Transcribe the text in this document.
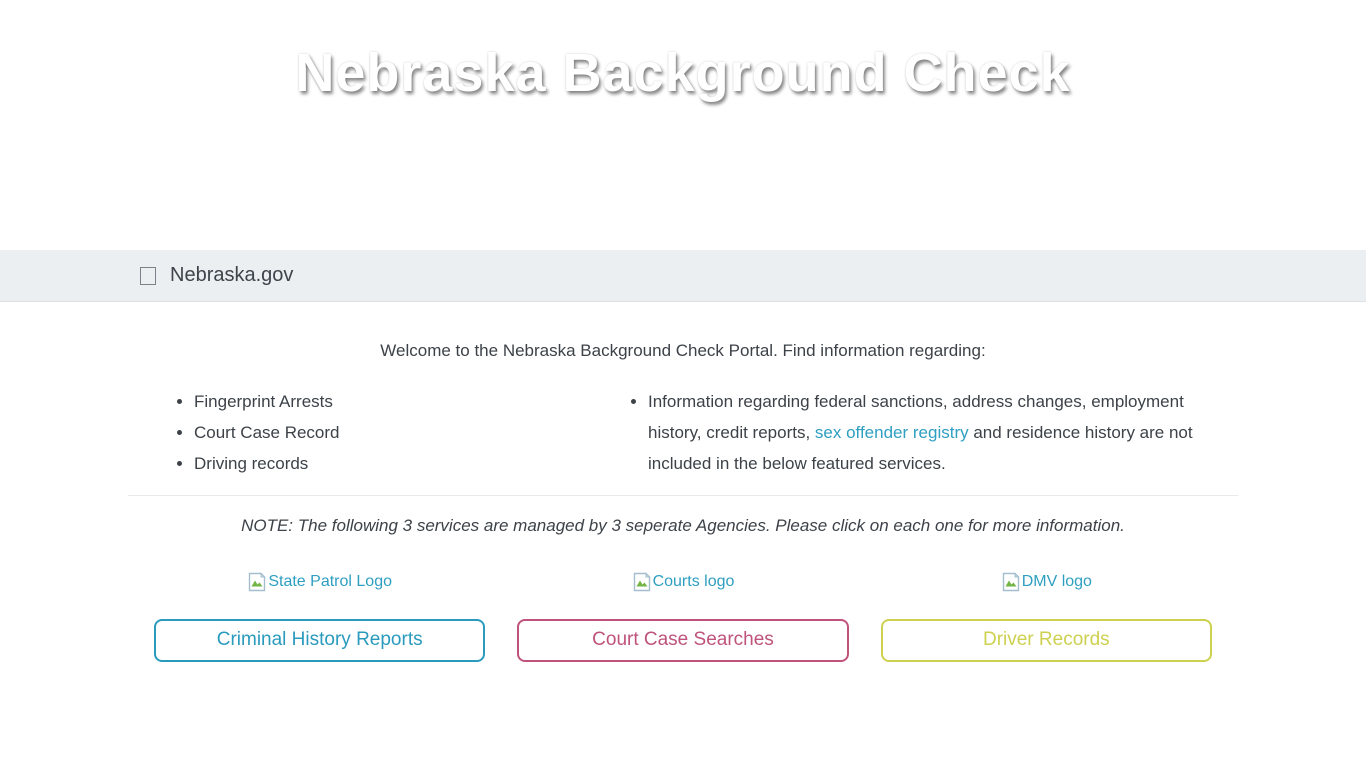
Nebraska Background Check
Nebraska.gov

Welcome to the Nebraska Background Check Portal. Find information regarding:

• Fingerprint Arrests
• Court Case Record
• Driving records
• Information regarding federal sanctions, address changes, employment history, credit reports, sex offender registry and residence history are not included in the below featured services.

NOTE: The following 3 services are managed by 3 seperate Agencies. Please click on each one for more information.

State Patrol Logo
Criminal History Reports
Courts logo
Court Case Searches
DMV logo
Driver Records
